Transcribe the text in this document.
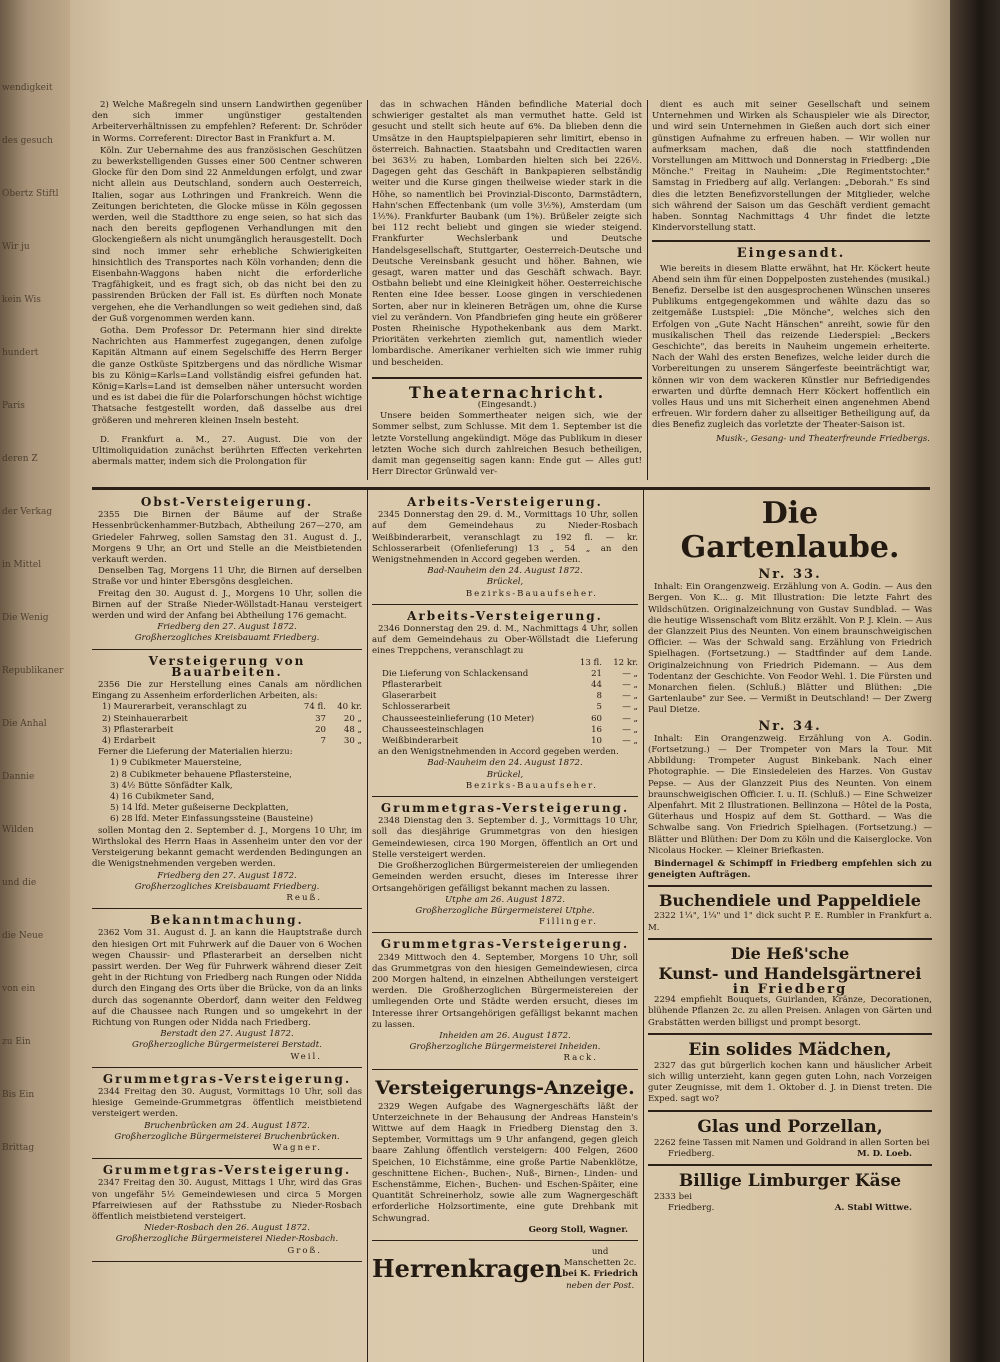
wendigkeit
des gesuch
Obertz Stiftl
Wir ju
kein Wis
hundert
Paris
deren Z
der Verkag
in Mittel
Die Wenig
Republikaner
Die Anhal
Dannie
Wilden
und die
die Neue
von ein
zu Ein
Bis Ein
Brittag

2) Welche Maßregeln sind unsern Landwirthen gegenüber den sich immer ungünstiger gestaltenden Arbeiterverhältnissen zu empfehlen? Referent: Dr. Schröder in Worms. Correferent: Director Bast in Frankfurt a. M.

Köln. Zur Uebernahme des aus französischen Geschützen zu bewerkstelligenden Gusses einer 500 Centner schweren Glocke für den Dom sind 22 Anmeldungen erfolgt, und zwar nicht allein aus Deutschland, sondern auch Oesterreich, Italien, sogar aus Lothringen und Frankreich. Wenn die Zeitungen berichteten, die Glocke müsse in Köln gegossen werden, weil die Stadtthore zu enge seien, so hat sich das nach den bereits gepflogenen Verhandlungen mit den Glockengießern als nicht unumgänglich herausgestellt. Doch sind noch immer sehr erhebliche Schwierigkeiten hinsichtlich des Transportes nach Köln vorhanden; denn die Eisenbahn-Waggons haben nicht die erforderliche Tragfähigkeit, und es fragt sich, ob das nicht bei den zu passirenden Brücken der Fall ist. Es dürften noch Monate vergehen, ehe die Verhandlungen so weit gediehen sind, daß der Guß vorgenommen werden kann.

Gotha. Dem Professor Dr. Petermann hier sind direkte Nachrichten aus Hammerfest zugegangen, denen zufolge Kapitän Altmann auf einem Segelschiffe des Herrn Berger die ganze Ostküste Spitzbergens und das nördliche Wismar bis zu König=Karls=Land vollständig eisfrei gefunden hat. König=Karls=Land ist demselben näher untersucht worden und es ist dabei die für die Polarforschungen höchst wichtige Thatsache festgestellt worden, daß dasselbe aus drei größeren und mehreren kleinen Inseln besteht.

D. Frankfurt a. M., 27. August. Die von der Ultimoliquidation zunächst berührten Effecten verkehrten abermals matter, indem sich die Prolongation für

das in schwachen Händen befindliche Material doch schwieriger gestaltet als man vermuthet hatte. Geld ist gesucht und stellt sich heute auf 6%. Da blieben denn die Umsätze in den Hauptspielpapieren sehr limitirt, ebenso in österreich. Bahnactien. Staatsbahn und Creditactien waren bei 363½ zu haben, Lombarden hielten sich bei 226½. Dagegen geht das Geschäft in Bankpapieren selbständig weiter und die Kurse gingen theilweise wieder stark in die Höhe, so namentlich bei Provinzial-Disconto, Darmstädtern, Hahn'schen Effectenbank (um volle 3½%), Amsterdam (um 1½%). Frankfurter Baubank (um 1%). Brüßeler zeigte sich bei 112 recht beliebt und gingen sie wieder steigend. Frankfurter Wechslerbank und Deutsche Handelsgesellschaft, Stuttgarter, Oesterreich-Deutsche und Deutsche Vereinsbank gesucht und höher. Bahnen, wie gesagt, waren matter und das Geschäft schwach. Bayr. Ostbahn beliebt und eine Kleinigkeit höher. Oesterreichische Renten eine Idee besser. Loose gingen in verschiedenen Sorten, aber nur in kleineren Beträgen um, ohne die Kurse viel zu verändern. Von Pfandbriefen ging heute ein größerer Posten Rheinische Hypothekenbank aus dem Markt. Prioritäten verkehrten ziemlich gut, namentlich wieder lombardische. Amerikaner verhielten sich wie immer ruhig und bescheiden.

Theaternachricht.
(Eingesandt.)

Unsere beiden Sommertheater neigen sich, wie der Sommer selbst, zum Schlusse. Mit dem 1. September ist die letzte Vorstellung angekündigt. Möge das Publikum in dieser letzten Woche sich durch zahlreichen Besuch betheiligen, damit man gegenseitig sagen kann: Ende gut — Alles gut! Herr Director Grünwald ver-

dient es auch mit seiner Gesellschaft und seinem Unternehmen und Wirken als Schauspieler wie als Director, und wird sein Unternehmen in Gießen auch dort sich einer günstigen Aufnahme zu erfreuen haben. — Wir wollen nur aufmerksam machen, daß die noch stattfindenden Vorstellungen am Mittwoch und Donnerstag in Friedberg: „Die Mönche." Freitag in Nauheim: „Die Regimentstochter." Samstag in Friedberg auf allg. Verlangen: „Deborah." Es sind dies die letzten Benefizvorstellungen der Mitglieder, welche sich während der Saison um das Geschäft verdient gemacht haben. Sonntag Nachmittags 4 Uhr findet die letzte Kindervorstellung statt.

Eingesandt.

Wie bereits in diesem Blatte erwähnt, hat Hr. Köckert heute Abend sein ihm für einen Doppelposten zustehendes (musikal.) Benefiz. Derselbe ist den ausgesprochenen Wünschen unseres Publikums entgegengekommen und wählte dazu das so zeitgemäße Lustspiel: „Die Mönche", welches sich den Erfolgen von „Gute Nacht Hänschen" anreiht, sowie für den musikalischen Theil das reizende Liederspiel: „Beckers Geschichte", das bereits in Nauheim ungemein erheiterte. Nach der Wahl des ersten Benefizes, welche leider durch die Vorbereitungen zu unserem Sängerfeste beeinträchtigt war, können wir von dem wackeren Künstler nur Befriedigendes erwarten und dürfte demnach Herr Köckert hoffentlich ein volles Haus und uns mit Sicherheit einen angenehmen Abend erfreuen. Wir fordern daher zu allseitiger Betheiligung auf, da dies Benefiz zugleich das vorletzte der Theater-Saison ist.

Musik-, Gesang- und Theaterfreunde Friedbergs.
Obst-Versteigerung.

2355 Die Birnen der Bäume auf der Straße Hessenbrückenhammer-Butzbach, Abtheilung 267—270, am Griedeler Fahrweg, sollen Samstag den 31. August d. J., Morgens 9 Uhr, an Ort und Stelle an die Meistbietenden verkauft werden.

Denselben Tag, Morgens 11 Uhr, die Birnen auf derselben Straße vor und hinter Ebersgöns desgleichen.

Freitag den 30. August d. J., Morgens 10 Uhr, sollen die Birnen auf der Straße Nieder-Wöllstadt-Hanau versteigert werden und wird der Anfang bei Abtheilung 176 gemacht.

Friedberg den 27. August 1872.
Großherzogliches Kreisbauamt Friedberg.
Versteigerung von Bauarbeiten.

2356 Die zur Herstellung eines Canals am nördlichen Eingang zu Assenheim erforderlichen Arbeiten, als:

1) Maurerarbeit, veranschlagt zu	74 fl.	40 kr.
2) Steinhauerarbeit	37	20 „
3) Pflasterarbeit	20	48 „
4) Erdarbeit	7	30 „

Ferner die Lieferung der Materialien hierzu:

1) 9 Cubikmeter Mauersteine,
2) 8 Cubikmeter behauene Pflastersteine,
3) 4½ Bütte Sönfädter Kalk,
4) 16 Cubikmeter Sand,
5) 14 lfd. Meter gußeiserne Deckplatten,
6) 28 lfd. Meter Einfassungssteine (Bausteine)

sollen Montag den 2. September d. J., Morgens 10 Uhr, im Wirthslokal des Herrn Haas in Assenheim unter den vor der Versteigerung bekannt gemacht werdenden Bedingungen an die Wenigstnehmenden vergeben werden.

Friedberg den 27. August 1872.
Großherzogliches Kreisbauamt Friedberg.
Reuß.
Bekanntmachung.

2362 Vom 31. August d. J. an kann die Hauptstraße durch den hiesigen Ort mit Fuhrwerk auf die Dauer von 6 Wochen wegen Chaussir- und Pflasterarbeit an derselben nicht passirt werden. Der Weg für Fuhrwerk während dieser Zeit geht in der Richtung von Friedberg nach Rungen oder Nidda durch den Eingang des Orts über die Brücke, von da an links durch das sogenannte Oberdorf, dann weiter den Feldweg auf die Chaussee nach Rungen und so umgekehrt in der Richtung von Rungen oder Nidda nach Friedberg.

Berstadt den 27. August 1872.
Großherzogliche Bürgermeisterei Berstadt.
Weil.
Grummetgras-Versteigerung.

2344 Freitag den 30. August, Vormittags 10 Uhr, soll das hiesige Gemeinde-Grummetgras öffentlich meistbietend versteigert werden.

Bruchenbrücken am 24. August 1872.
Großherzogliche Bürgermeisterei Bruchenbrücken.
Wagner.
Grummetgras-Versteigerung.

2347 Freitag den 30. August, Mittags 1 Uhr, wird das Gras von ungefähr 5½ Gemeindewiesen und circa 5 Morgen Pfarreiwiesen auf der Rathsstube zu Nieder-Rosbach öffentlich meistbietend versteigert.

Nieder-Rosbach den 26. August 1872.
Großherzogliche Bürgermeisterei Nieder-Rosbach.
Groß.
Arbeits-Versteigerung.

2345 Donnerstag den 29. d. M., Vormittags 10 Uhr, sollen auf dem Gemeindehaus zu Nieder-Rosbach Weißbinderarbeit, veranschlagt zu 192 fl. — kr. Schlosserarbeit (Ofenlieferung) 13 „ 54 „ an den Wenigstnehmenden in Accord gegeben werden.

Bad-Nauheim den 24. August 1872.
Brückel,
Bezirks-Bauaufseher.
Arbeits-Versteigerung.

2346 Donnerstag den 29. d. M., Nachmittags 4 Uhr, sollen auf dem Gemeindehaus zu Ober-Wöllstadt die Lieferung eines Treppchens, veranschlagt zu

13 fl.	12 kr.
Die Lieferung von Schlackensand	21	— „
Pflasterarbeit	44	— „
Glaserarbeit	8	— „
Schlosserarbeit	5	— „
Chausseesteinlieferung (10 Meter)	60	— „
Chausseesteinschlagen	16	— „
Weißbinderarbeit	10	— „

an den Wenigstnehmenden in Accord gegeben werden.

Bad-Nauheim den 24. August 1872.
Brückel,
Bezirks-Bauaufseher.
Grummetgras-Versteigerung.

2348 Dienstag den 3. September d. J., Vormittags 10 Uhr, soll das diesjährige Grummetgras von den hiesigen Gemeindewiesen, circa 190 Morgen, öffentlich an Ort und Stelle versteigert werden.

Die Großherzoglichen Bürgermeistereien der umliegenden Gemeinden werden ersucht, dieses im Interesse ihrer Ortsangehörigen gefälligst bekannt machen zu lassen.

Utphe am 26. August 1872.
Großherzogliche Bürgermeisterei Utphe.
Fillinger.
Grummetgras-Versteigerung.

2349 Mittwoch den 4. September, Morgens 10 Uhr, soll das Grummetgras von den hiesigen Gemeindewiesen, circa 200 Morgen haltend, in einzelnen Abtheilungen versteigert werden. Die Großherzoglichen Bürgermeistereien der umliegenden Orte und Städte werden ersucht, dieses im Interesse ihrer Ortsangehörigen gefälligst bekannt machen zu lassen.

Inheiden am 26. August 1872.
Großherzogliche Bürgermeisterei Inheiden.
Rack.
Versteigerungs-Anzeige.

2329 Wegen Aufgabe des Wagnergeschäfts läßt der Unterzeichnete in der Behausung der Andreas Hanstein's Wittwe auf dem Haagk in Friedberg Dienstag den 3. September, Vormittags um 9 Uhr anfangend, gegen gleich baare Zahlung öffentlich versteigern: 400 Felgen, 2600 Speichen, 10 Eichstämme, eine große Partie Nabenklötze, geschnittene Eichen-, Buchen-, Nuß-, Birnen-, Linden- und Eschenstämme, Eichen-, Buchen- und Eschen-Späiter, eine Quantität Schreinerholz, sowie alle zum Wagnergeschäft erforderliche Holzsortimente, eine gute Drehbank mit Schwungrad.

Georg Stoll, Wagner.
Herrenkragen
und Manschetten 2c.
bei K. Friedrich
neben der Post.
Die Gartenlaube.
Nr. 33.

Inhalt: Ein Orangenzweig. Erzählung von A. Godin. — Aus den Bergen. Von K... g. Mit Illustration: Die letzte Fahrt des Wildschützen. Originalzeichnung von Gustav Sundblad. — Was die heutige Wissenschaft vom Blitz erzählt. Von P. J. Klein. — Aus der Glanzzeit Pius des Neunten. Von einem braunschweigischen Officier. — Was der Schwald sang. Erzählung von Friedrich Spielhagen. (Fortsetzung.) — Stadtfinder auf dem Lande. Originalzeichnung von Friedrich Pidemann. — Aus dem Todentanz der Geschichte. Von Feodor Wehl. 1. Die Fürsten und Monarchen fielen. (Schluß.) Blätter und Blüthen: „Die Gartenlaube" zur See. — Vermißt in Deutschland! — Der Zwerg Paul Dietze.

Nr. 34.

Inhalt: Ein Orangenzweig. Erzählung von A. Godin. (Fortsetzung.) — Der Trompeter von Mars la Tour. Mit Abbildung: Trompeter August Binkebank. Nach einer Photographie. — Die Einsiedeleien des Harzes. Von Gustav Pepse. — Aus der Glanzzeit Pius des Neunten. Von einem braunschweigischen Officier. I. u. II. (Schluß.) — Eine Schweizer Alpenfahrt. Mit 2 Illustrationen. Bellinzona — Hôtel de la Posta, Güterhaus und Hospiz auf dem St. Gotthard. — Was die Schwalbe sang. Von Friedrich Spielhagen. (Fortsetzung.) — Blätter und Blüthen: Der Dom zu Köln und die Kaiserglocke. Von Nicolaus Hocker. — Kleiner Briefkasten.

Bindernagel & Schimpff in Friedberg empfehlen sich zu geneigten Aufträgen.

Buchendiele und Pappeldiele

2322 1¼", 1¼" und 1" dick sucht P. E. Rumbler in Frankfurt a. M.

Die Heß'sche
Kunst- und Handelsgärtnerei
in Friedberg

2294 empfiehlt Bouquets, Guirlanden, Kränze, Decorationen, blühende Pflanzen 2c. zu allen Preisen. Anlagen von Gärten und Grabstätten werden billigst und prompt besorgt.

Ein solides Mädchen,

2327 das gut bürgerlich kochen kann und häuslicher Arbeit sich willig unterzieht, kann gegen guten Lohn, nach Vorzeigen guter Zeugnisse, mit dem 1. Oktober d. J. in Dienst treten. Die Exped. sagt wo?

Glas und Porzellan,

2262 feine Tassen mit Namen und Goldrand in allen Sorten bei

Friedberg.	M. D. Loeb.
Billige Limburger Käse

2333 bei

Friedberg.	A. Stabl Wittwe.
